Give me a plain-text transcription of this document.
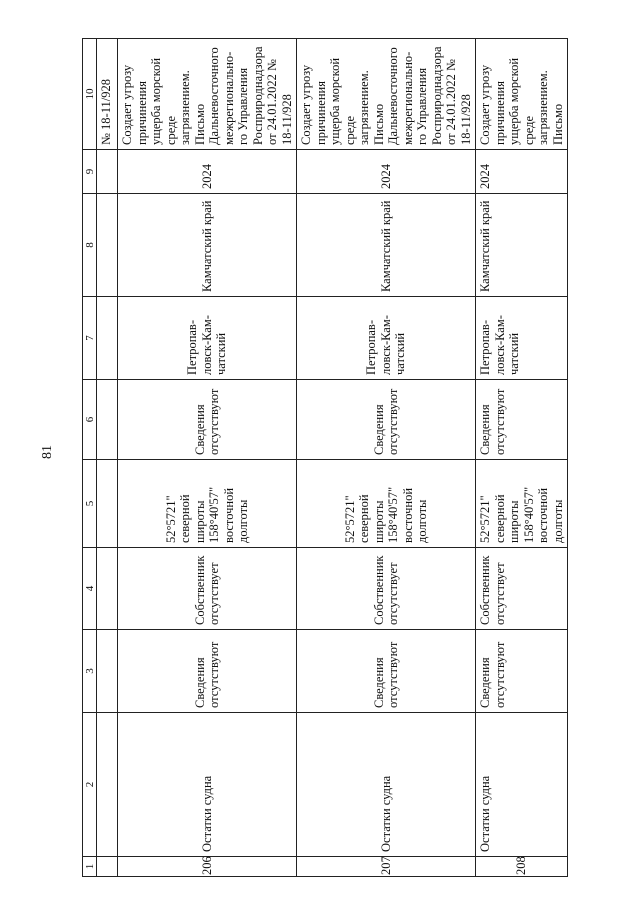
81
1	2	3	4	5	6	7	8	9	10
									№ 18-11/928
206	Остатки судна	Сведения отсутствуют	Собственник отсутствует	52°5721" северной широты 158°40'57" восточной долготы	Сведения отсутствуют	Петропав-ловск-Кам-чатский	Камчатский край	2024	Создает угрозу причинения ущерба морской среде загрязнением. Письмо Дальневосточного межрегионально-го Управления Росприроднадзора от 24.01.2022 № 18-11/928
207	Остатки судна	Сведения отсутствуют	Собственник отсутствует	52°5721" северной широты 158°40'57" восточной долготы	Сведения отсутствуют	Петропав-ловск-Кам-чатский	Камчатский край	2024	Создает угрозу причинения ущерба морской среде загрязнением. Письмо Дальневосточного межрегионально-го Управления Росприроднадзора от 24.01.2022 № 18-11/928
208	Остатки судна	Сведения отсутствуют	Собственник отсутствует	52°5721" северной широты 158°40'57" восточной долготы	Сведения отсутствуют	Петропав-ловск-Кам-чатский	Камчатский край	2024	Создает угрозу причинения ущерба морской среде загрязнением. Письмо
